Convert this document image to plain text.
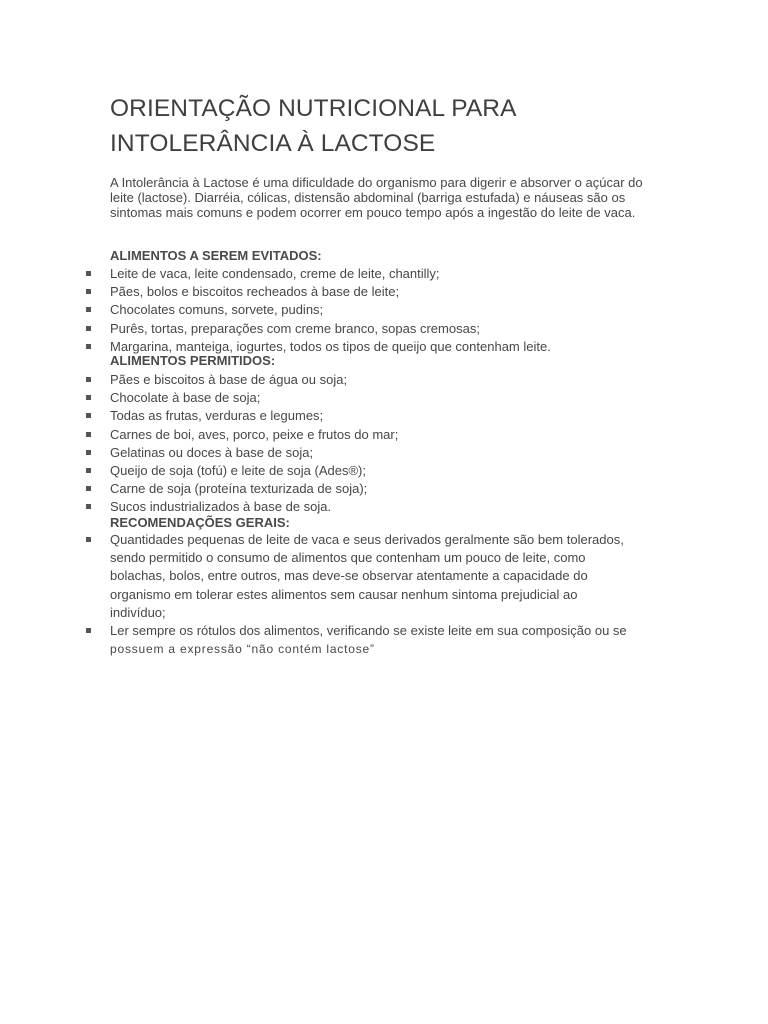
ORIENTAÇÃO NUTRICIONAL PARA
INTOLERÂNCIA À LACTOSE

A Intolerância à Lactose é uma dificuldade do organismo para digerir e absorver o açúcar do leite (lactose). Diarréia, cólicas, distensão abdominal (barriga estufada) e náuseas são os sintomas mais comuns e podem ocorrer em pouco tempo após a ingestão do leite de vaca.

ALIMENTOS A SEREM EVITADOS:
Leite de vaca, leite condensado, creme de leite, chantilly;
Pães, bolos e biscoitos recheados à base de leite;
Chocolates comuns, sorvete, pudins;
Purês, tortas, preparações com creme branco, sopas cremosas;
Margarina, manteiga, iogurtes, todos os tipos de queijo que contenham leite.
ALIMENTOS PERMITIDOS:
Pães e biscoitos à base de água ou soja;
Chocolate à base de soja;
Todas as frutas, verduras e legumes;
Carnes de boi, aves, porco, peixe e frutos do mar;
Gelatinas ou doces à base de soja;
Queijo de soja (tofú) e leite de soja (Ades®);
Carne de soja (proteína texturizada de soja);
Sucos industrializados à base de soja.
RECOMENDAÇÕES GERAIS:
Quantidades pequenas de leite de vaca e seus derivados geralmente são bem tolerados,
sendo permitido o consumo de alimentos que contenham um pouco de leite, como
bolachas, bolos, entre outros, mas deve-se observar atentamente a capacidade do
organismo em tolerar estes alimentos sem causar nenhum sintoma prejudicial ao
indivíduo;
Ler sempre os rótulos dos alimentos, verificando se existe leite em sua composição ou se
possuem a expressão “não contém lactose”
